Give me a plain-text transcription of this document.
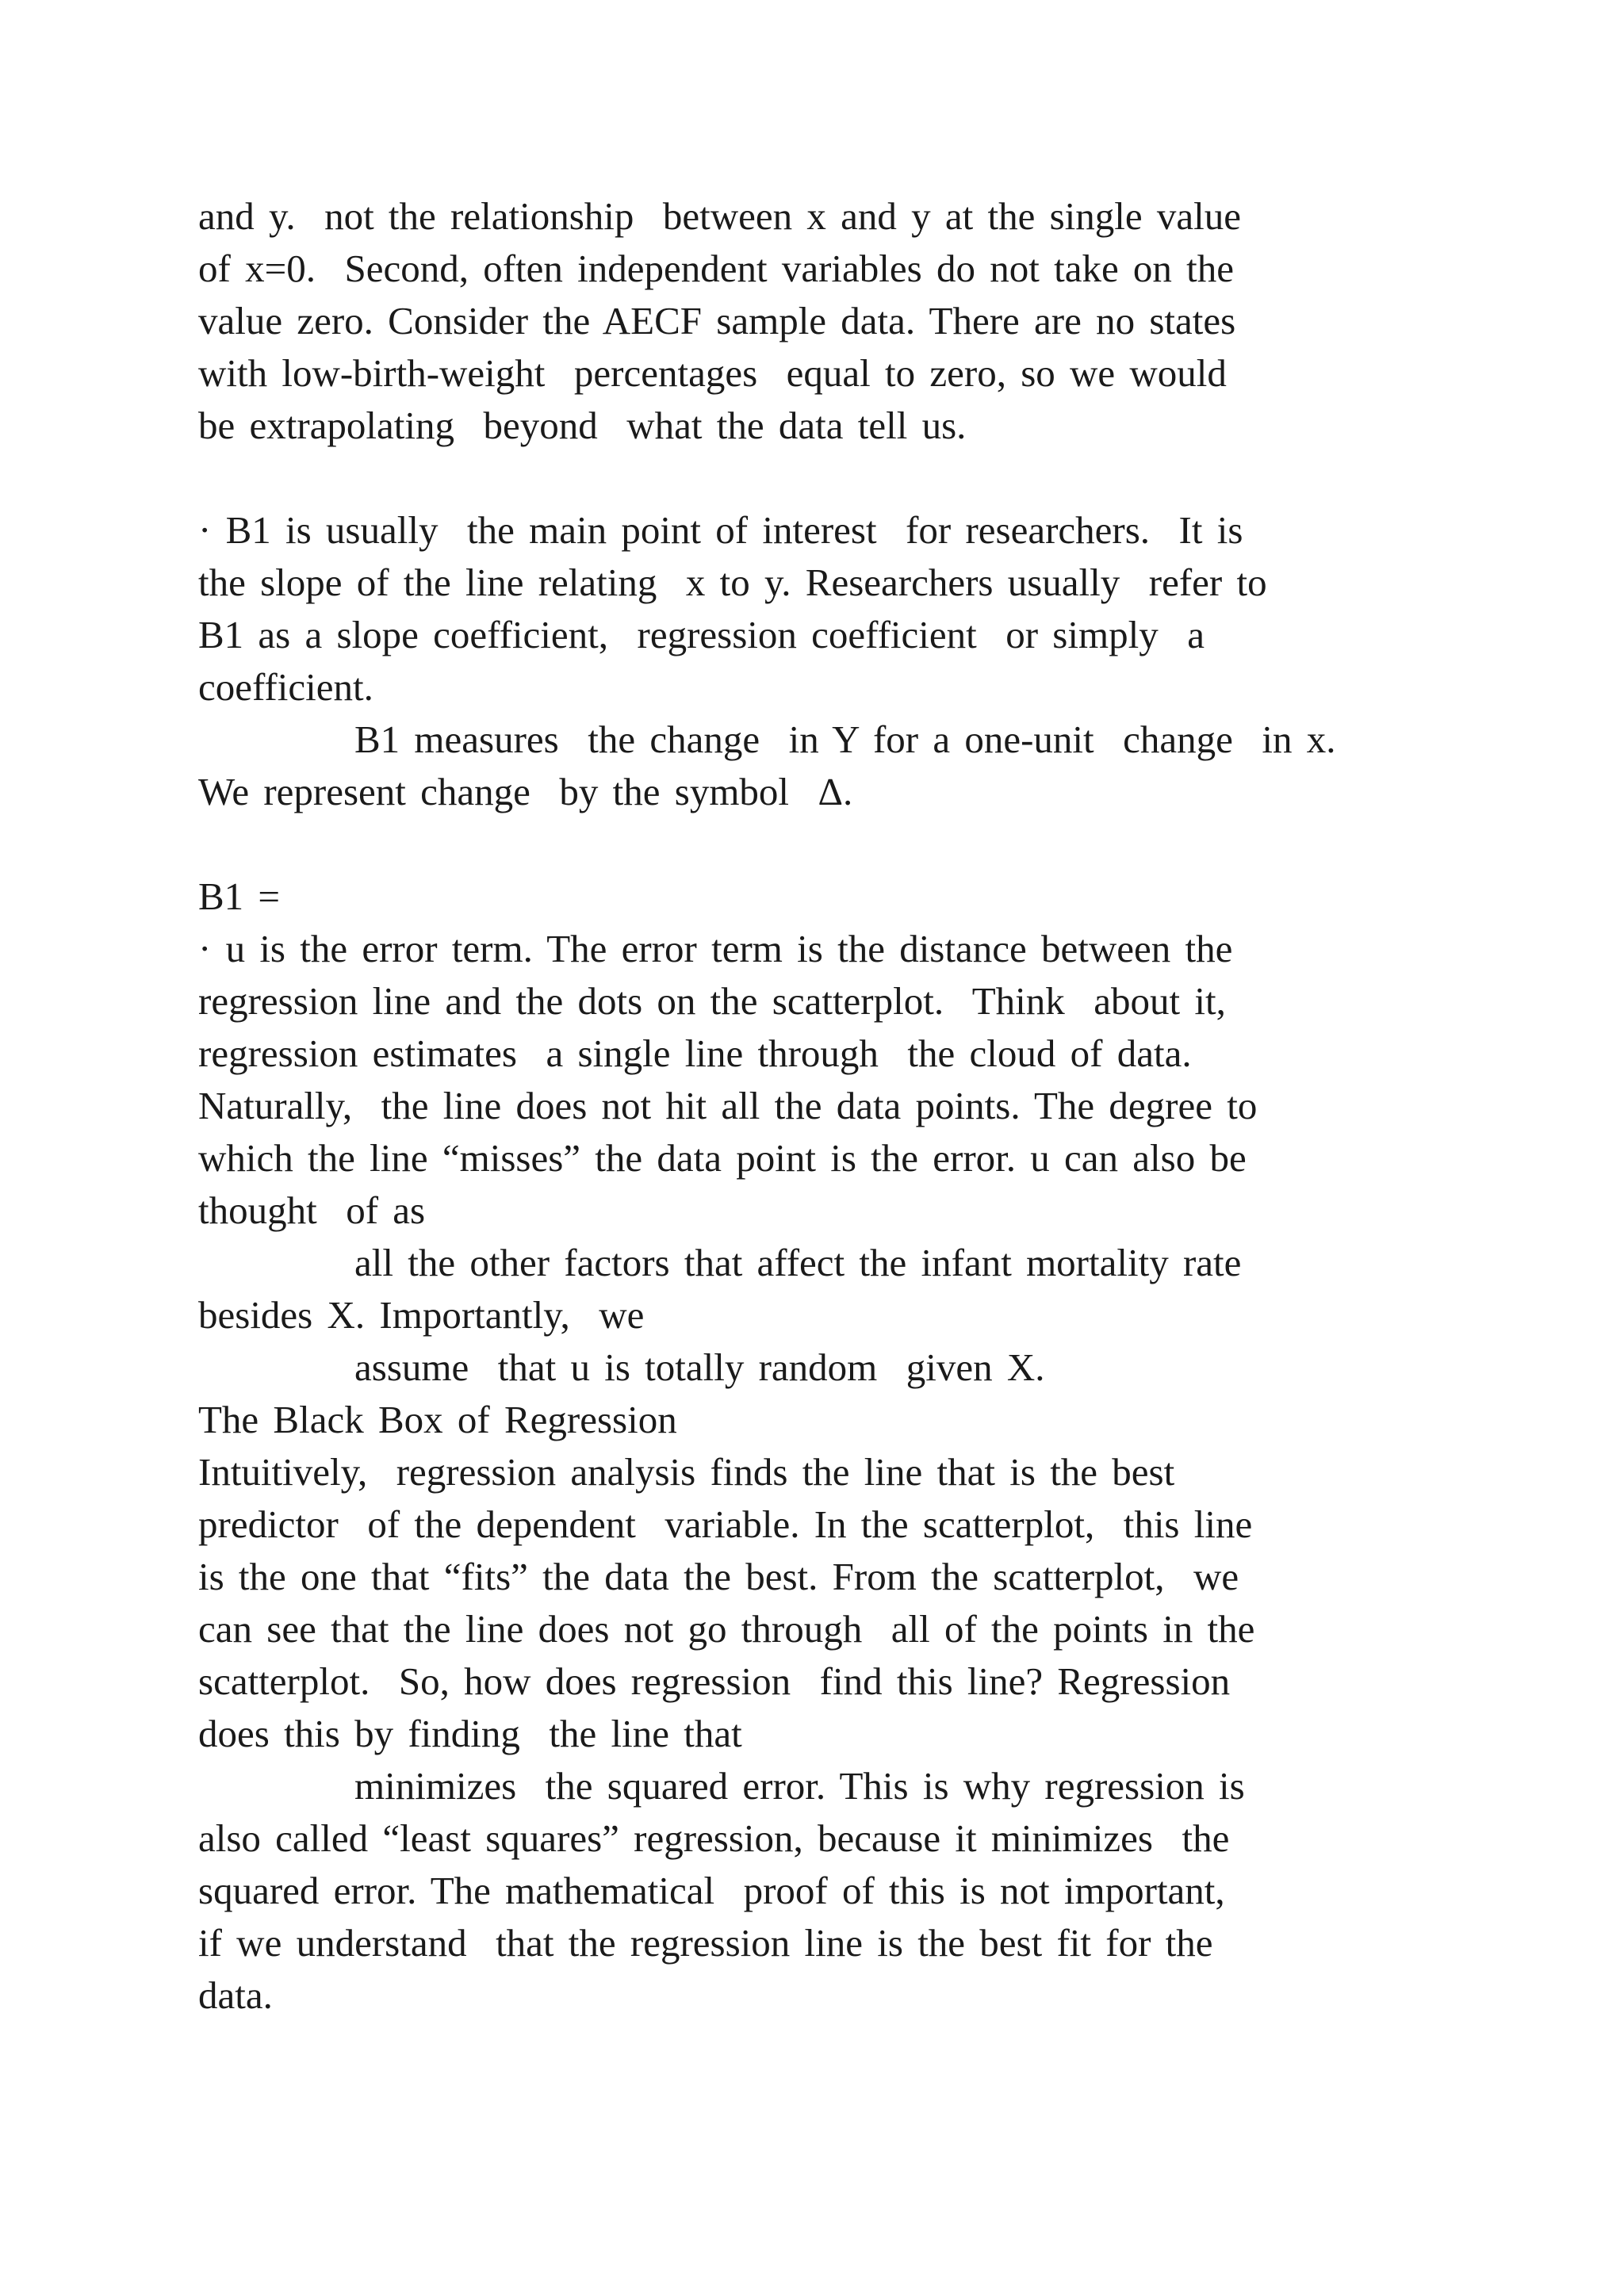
and y.  not the relationship  between x and y at the single value
of x=0.  Second, often independent variables do not take on the
value zero. Consider the AECF sample data. There are no states
with low-birth-weight  percentages  equal to zero, so we would
be extrapolating  beyond  what the data tell us.
· B1 is usually  the main point of interest  for researchers.  It is
the slope of the line relating  x to y. Researchers usually  refer to
B1 as a slope coefficient,  regression coefficient  or simply  a
coefficient.
B1 measures  the change  in Y for a one-unit  change  in x.
We represent change  by the symbol  Δ.
B1 =
· u is the error term. The error term is the distance between the
regression line and the dots on the scatterplot.  Think  about it,
regression estimates  a single line through  the cloud of data.
Naturally,  the line does not hit all the data points. The degree to
which the line “misses” the data point is the error. u can also be
thought  of as
all the other factors that affect the infant mortality rate
besides X. Importantly,  we
assume  that u is totally random  given X.
The Black Box of Regression
Intuitively,  regression analysis finds the line that is the best
predictor  of the dependent  variable. In the scatterplot,  this line
is the one that “fits” the data the best. From the scatterplot,  we
can see that the line does not go through  all of the points in the
scatterplot.  So, how does regression  find this line? Regression
does this by finding  the line that
minimizes  the squared error. This is why regression is
also called “least squares” regression, because it minimizes  the
squared error. The mathematical  proof of this is not important,
if we understand  that the regression line is the best fit for the
data.
